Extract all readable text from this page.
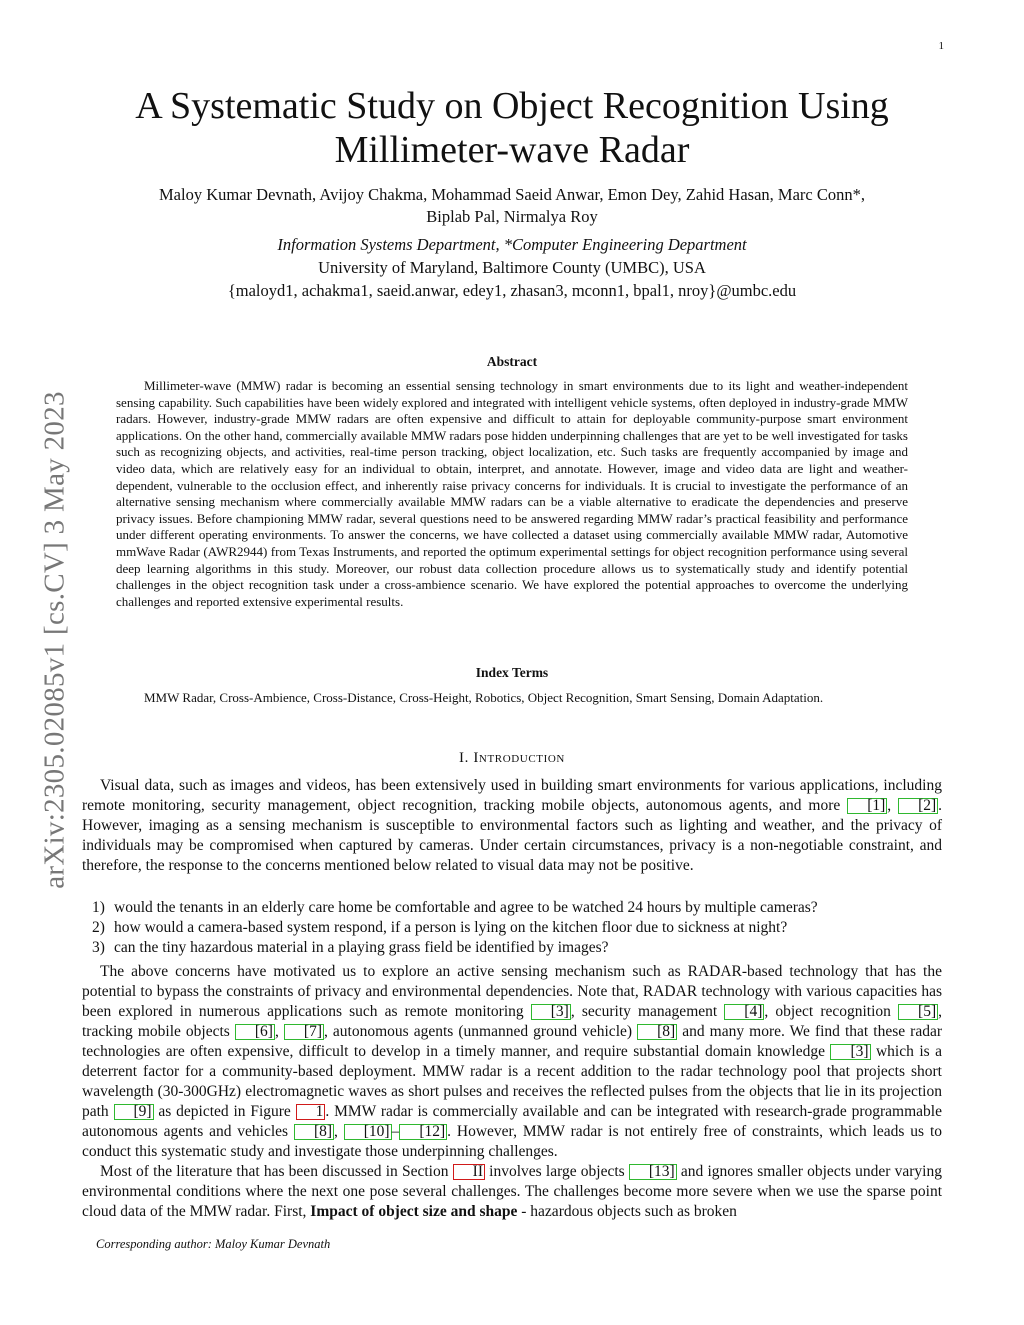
1
arXiv:2305.02085v1 [cs.CV] 3 May 2023
A Systematic Study on Object Recognition Using Millimeter-wave Radar
Maloy Kumar Devnath, Avijoy Chakma, Mohammad Saeid Anwar, Emon Dey, Zahid Hasan, Marc Conn*,
Biplab Pal, Nirmalya Roy
Information Systems Department, *Computer Engineering Department
University of Maryland, Baltimore County (UMBC), USA
{maloyd1, achakma1, saeid.anwar, edey1, zhasan3, mconn1, bpal1, nroy}@umbc.edu
Abstract

Millimeter-wave (MMW) radar is becoming an essential sensing technology in smart environments due to its light and weather-independent sensing capability. Such capabilities have been widely explored and integrated with intelligent vehicle systems, often deployed in industry-grade MMW radars. However, industry-grade MMW radars are often expensive and difficult to attain for deployable community-purpose smart environment applications. On the other hand, commercially available MMW radars pose hidden underpinning challenges that are yet to be well investigated for tasks such as recognizing objects, and activities, real-time person tracking, object localization, etc. Such tasks are frequently accompanied by image and video data, which are relatively easy for an individual to obtain, interpret, and annotate. However, image and video data are light and weather-dependent, vulnerable to the occlusion effect, and inherently raise privacy concerns for individuals. It is crucial to investigate the performance of an alternative sensing mechanism where commercially available MMW radars can be a viable alternative to eradicate the dependencies and preserve privacy issues. Before championing MMW radar, several questions need to be answered regarding MMW radar’s practical feasibility and performance under different operating environments. To answer the concerns, we have collected a dataset using commercially available MMW radar, Automotive mmWave Radar (AWR2944) from Texas Instruments, and reported the optimum experimental settings for object recognition performance using several deep learning algorithms in this study. Moreover, our robust data collection procedure allows us to systematically study and identify potential challenges in the object recognition task under a cross-ambience scenario. We have explored the potential approaches to overcome the underlying challenges and reported extensive experimental results.

Index Terms

MMW Radar, Cross-Ambience, Cross-Distance, Cross-Height, Robotics, Object Recognition, Smart Sensing, Domain Adaptation.

I. Introduction

Visual data, such as images and videos, has been extensively used in building smart environments for various applications, including remote monitoring, security management, object recognition, tracking mobile objects, autonomous agents, and more [1] , [2] . However, imaging as a sensing mechanism is susceptible to environmental factors such as lighting and weather, and the privacy of individuals may be compromised when captured by cameras. Under certain circumstances, privacy is a non-negotiable constraint, and therefore, the response to the concerns mentioned below related to visual data may not be positive.

1) would the tenants in an elderly care home be comfortable and agree to be watched 24 hours by multiple cameras?
2) how would a camera-based system respond, if a person is lying on the kitchen floor due to sickness at night?
3) can the tiny hazardous material in a playing grass field be identified by images?

The above concerns have motivated us to explore an active sensing mechanism such as RADAR-based technology that has the potential to bypass the constraints of privacy and environmental dependencies. Note that, RADAR technology with various capacities has been explored in numerous applications such as remote monitoring [3] , security management [4] , object recognition [5] , tracking mobile objects [6] , [7] , autonomous agents (unmanned ground vehicle) [8] and many more. We find that these radar technologies are often expensive, difficult to develop in a timely manner, and require substantial domain knowledge [3] which is a deterrent factor for a community-based deployment. MMW radar is a recent addition to the radar technology pool that projects short wavelength (30-300GHz) electromagnetic waves as short pulses and receives the reflected pulses from the objects that lie in its projection path [9] as depicted in Figure 1 . MMW radar is commercially available and can be integrated with research-grade programmable autonomous agents and vehicles [8] , [10] – [12] . However, MMW radar is not entirely free of constraints, which leads us to conduct this systematic study and investigate those underpinning challenges.

Most of the literature that has been discussed in Section II involves large objects [13] and ignores smaller objects under varying environmental conditions where the next one pose several challenges. The challenges become more severe when we use the sparse point cloud data of the MMW radar. First, Impact of object size and shape - hazardous objects such as broken

Corresponding author: Maloy Kumar Devnath
